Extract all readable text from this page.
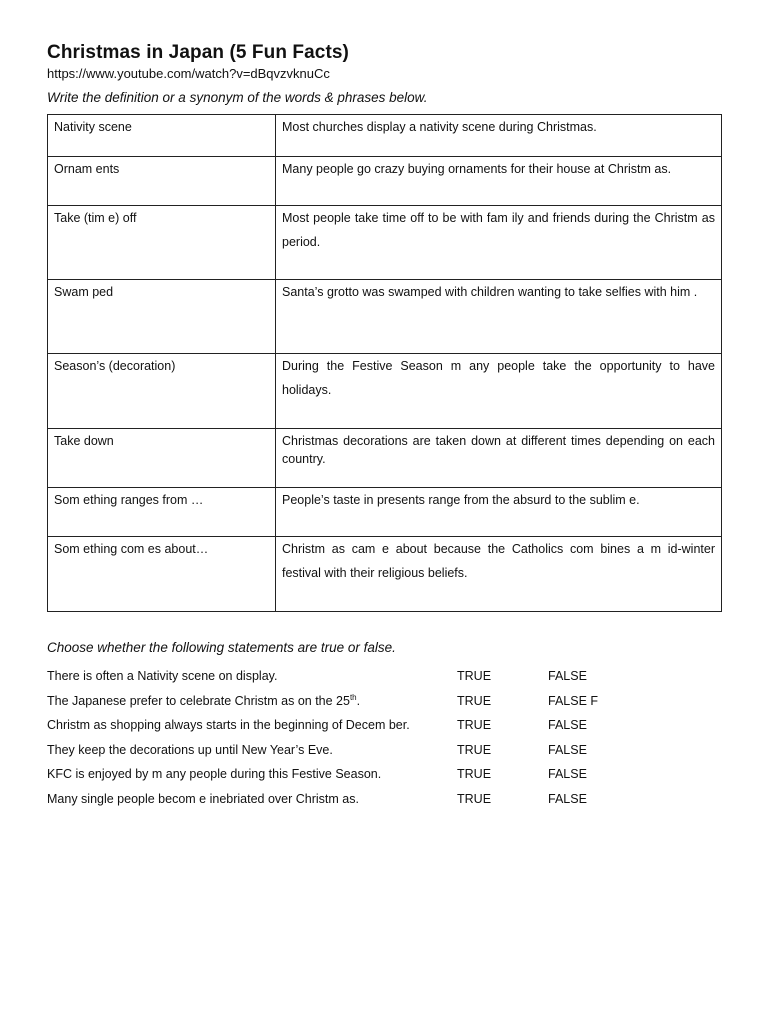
Christmas in Japan (5 Fun Facts)
https://www.youtube.com/watch?v=dBqvzvknuCc
Write the definition or a synonym of the words & phrases below.
Nativity scene	Most churches display a nativity scene during Christmas.
Ornam ents	Many people go crazy buying ornaments for their house at Christm as.
Take (tim e) off	Most people take time off to be with fam ily and friends during the Christm as period.
Swam ped	Santa’s grotto was swamped with children wanting to take selfies with him .
Season’s (decoration)	During the Festive Season m any people take the opportunity to have holidays.
Take down	Christmas decorations are taken down at different times depending on each country.
Som ething ranges from …	People’s taste in presents range from the absurd to the sublim e.
Som ething com es about…	Christm as cam e about because the Catholics com bines a m id-winter festival with their religious beliefs.
Choose whether the following statements are true or false.
There is often a Nativity scene on display.	TRUE	FALSE
The Japanese prefer to celebrate Christm as on the 25th.	TRUE	FALSE F
Christm as shopping always starts in the beginning of Decem ber.	TRUE	FALSE
They keep the decorations up until New Year’s Eve.	TRUE	FALSE
KFC is enjoyed by m any people during this Festive Season.	TRUE	FALSE
Many single people becom e inebriated over Christm as.	TRUE	FALSE
